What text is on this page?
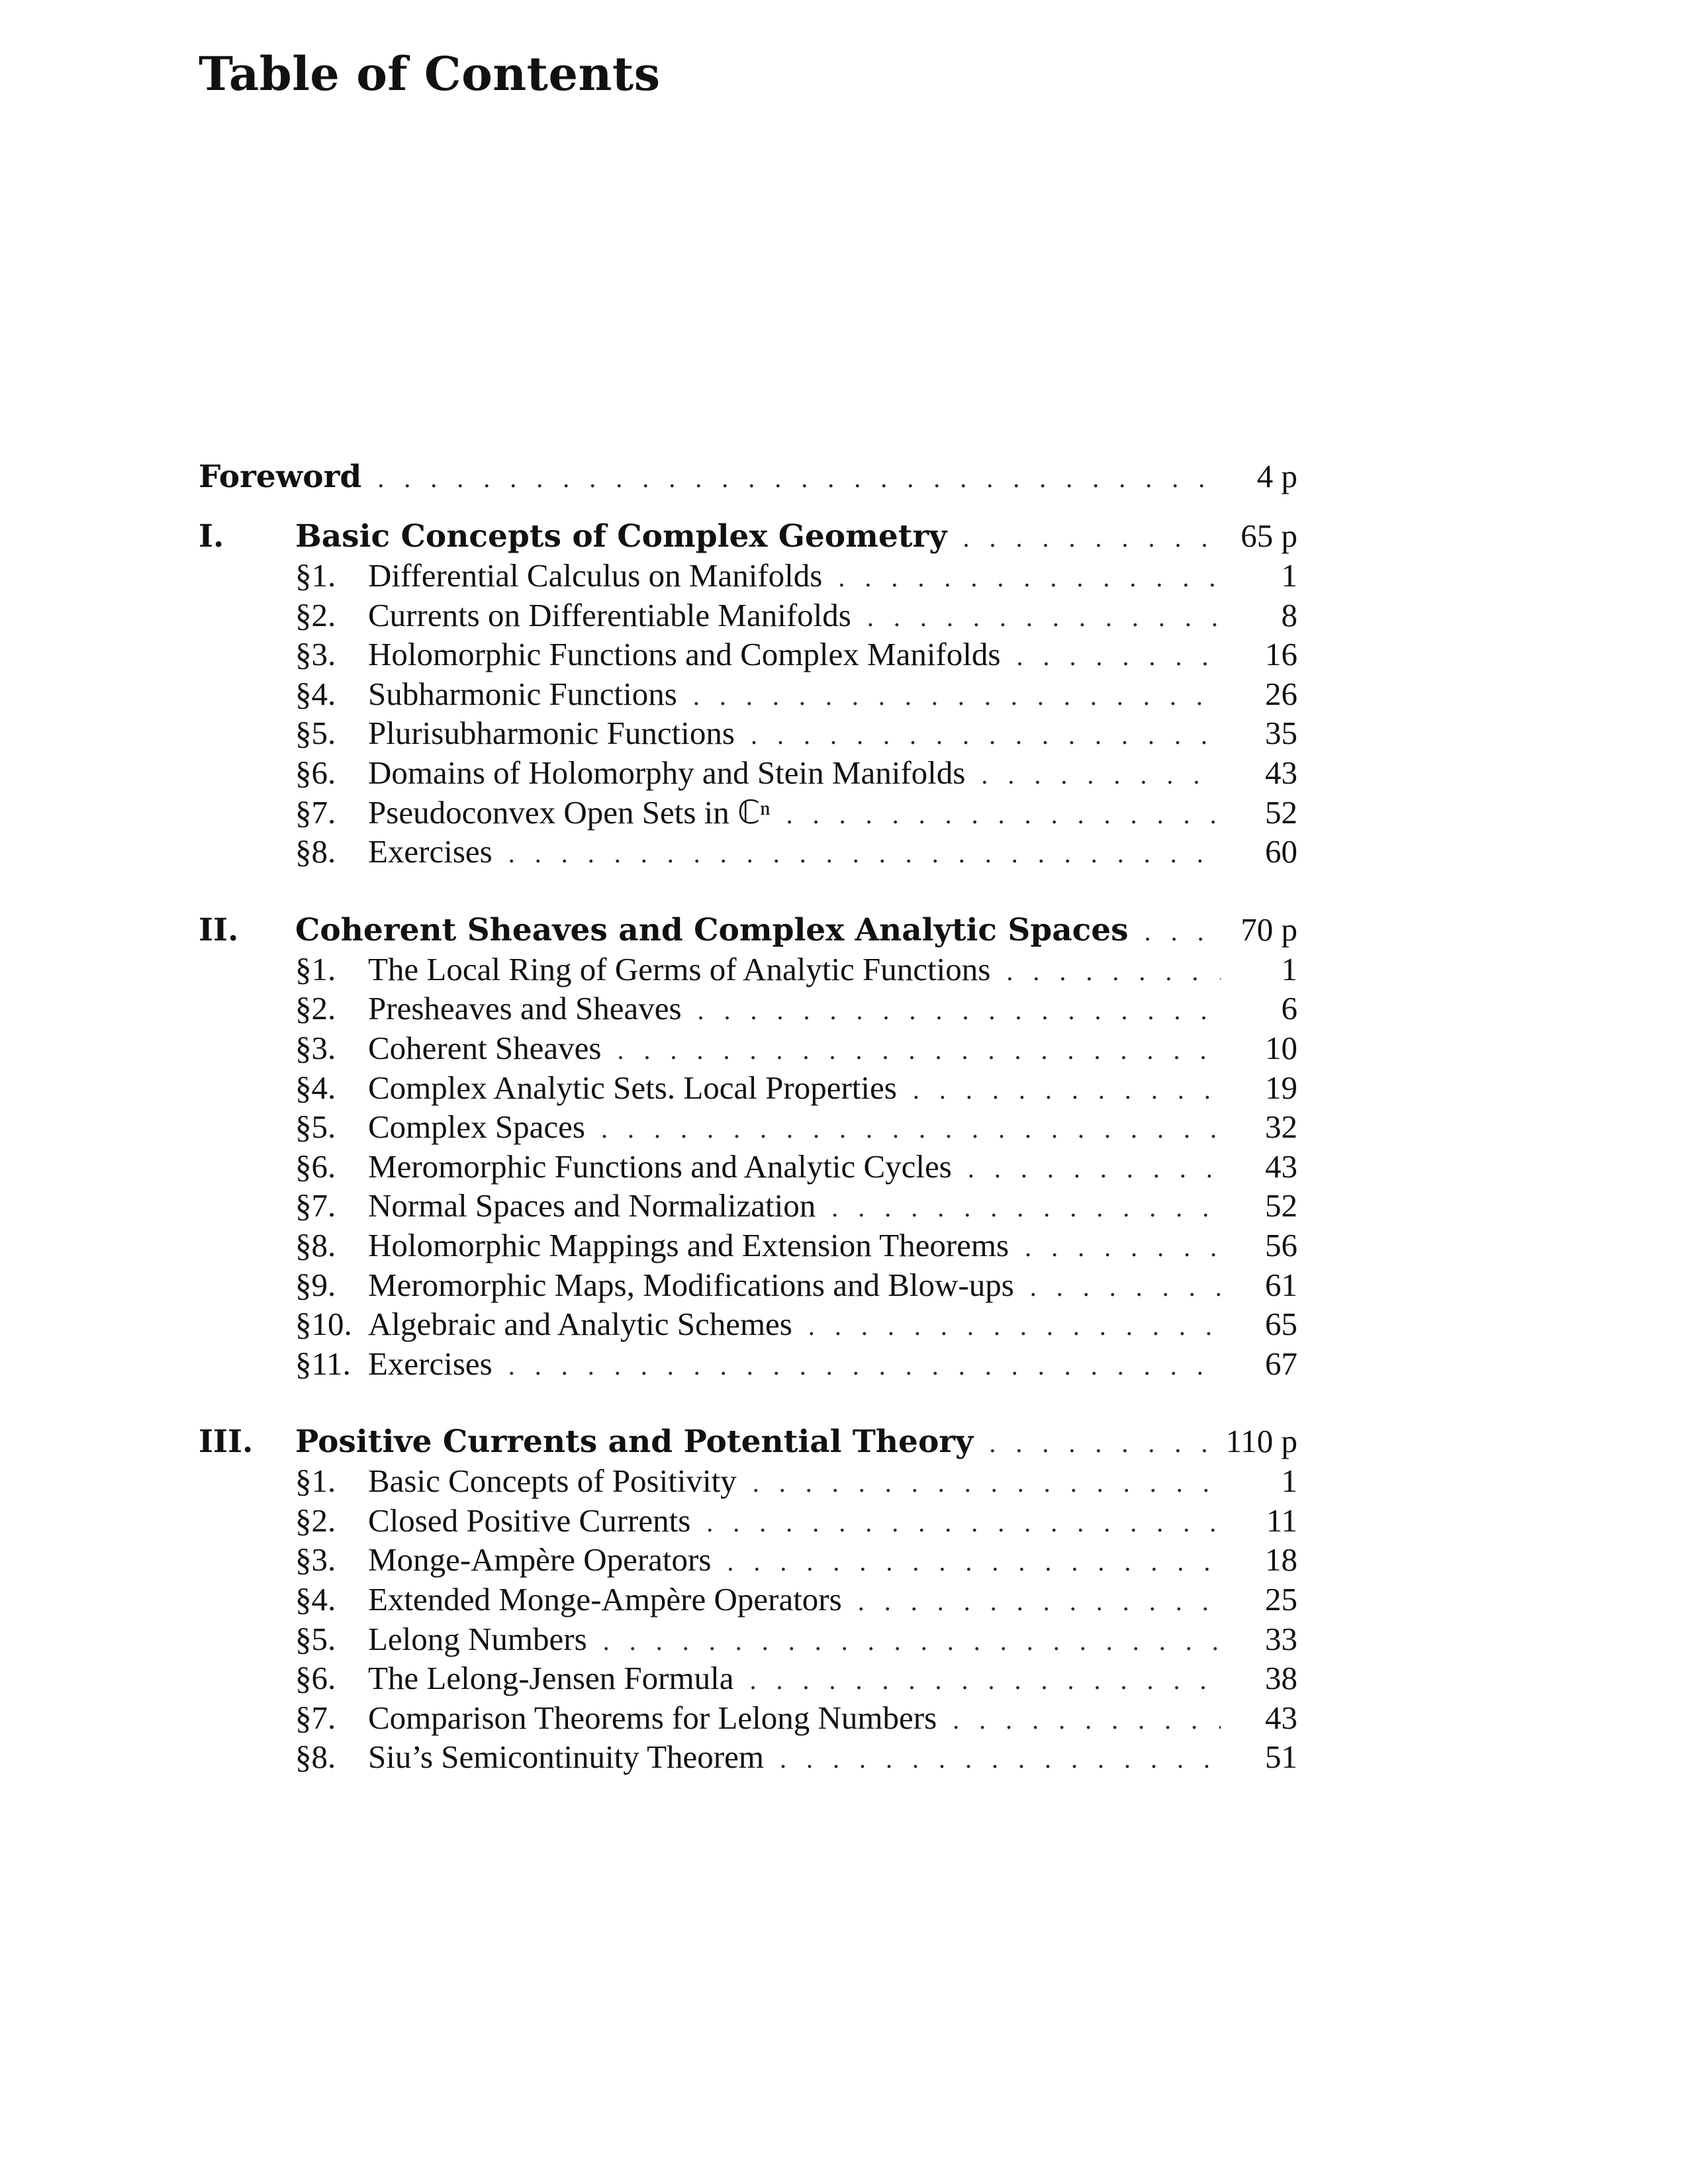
Table of Contents
Foreword . . .	4 p
I.	Basic Concepts of Complex Geometry . . .	65 p
§1. Differential Calculus on Manifolds . . .	1
§2. Currents on Differentiable Manifolds . . .	8
§3. Holomorphic Functions and Complex Manifolds . . .	16
§4. Subharmonic Functions . . .	26
§5. Plurisubharmonic Functions . . .	35
§6. Domains of Holomorphy and Stein Manifolds . . .	43
§7. Pseudoconvex Open Sets in ℂⁿ . . .	52
§8. Exercises . . .	60
II.	Coherent Sheaves and Complex Analytic Spaces . . .	70 p
§1. The Local Ring of Germs of Analytic Functions . . .	1
§2. Presheaves and Sheaves . . .	6
§3. Coherent Sheaves . . .	10
§4. Complex Analytic Sets. Local Properties . . .	19
§5. Complex Spaces . . .	32
§6. Meromorphic Functions and Analytic Cycles . . .	43
§7. Normal Spaces and Normalization . . .	52
§8. Holomorphic Mappings and Extension Theorems . . .	56
§9. Meromorphic Maps, Modifications and Blow-ups . . .	61
§10. Algebraic and Analytic Schemes . . .	65
§11. Exercises . . .	67
III.	Positive Currents and Potential Theory . . .	110 p
§1. Basic Concepts of Positivity . . .	1
§2. Closed Positive Currents . . .	11
§3. Monge-Ampère Operators . . .	18
§4. Extended Monge-Ampère Operators . . .	25
§5. Lelong Numbers . . .	33
§6. The Lelong-Jensen Formula . . .	38
§7. Comparison Theorems for Lelong Numbers . . .	43
§8. Siu’s Semicontinuity Theorem . . .	51
